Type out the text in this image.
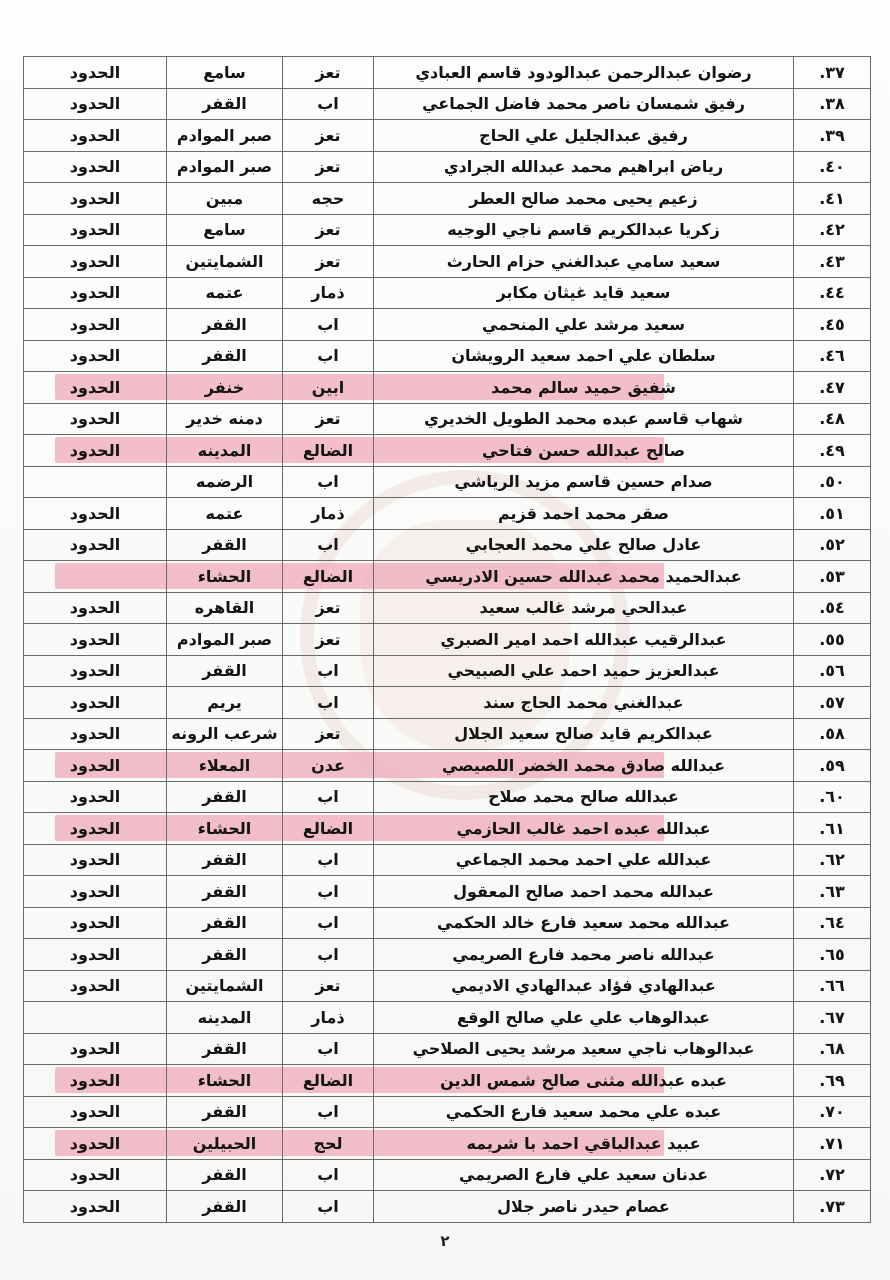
الحدود	سامع	تعز	رضوان عبدالرحمن عبدالودود قاسم العبادي	۳۷.
الحدود	القفر	اب	رفيق شمسان ناصر محمد فاضل الجماعي	۳۸.
الحدود	صبر الموادم	تعز	رفيق عبدالجليل علي الحاج	۳۹.
الحدود	صبر الموادم	تعز	رياض ابراهيم محمد عبدالله الجرادي	٤٠.
الحدود	مبين	حجه	زعيم يحيى محمد صالح العطر	٤١.
الحدود	سامع	تعز	زكريا عبدالكريم قاسم ناجي الوجيه	٤٢.
الحدود	الشمايتين	تعز	سعيد سامي عبدالغني حزام الحارث	٤٣.
الحدود	عتمه	ذمار	سعيد قايد غيثان مكابر	٤٤.
الحدود	القفر	اب	سعيد مرشد علي المنحمي	٤٥.
الحدود	القفر	اب	سلطان علي احمد سعيد الرويشان	٤٦.
الحدود	خنفر	ابين	شفيق حميد سالم محمد	٤٧.
الحدود	دمنه خدير	تعز	شهاب قاسم عبده محمد الطويل الخديري	٤٨.
الحدود	المدينه	الضالع	صالح عبدالله حسن فتاحي	٤٩.
	الرضمه	اب	صدام حسين قاسم مزيد الرياشي	٥٠.
الحدود	عتمه	ذمار	صقر محمد احمد قزيم	٥١.
الحدود	القفر	اب	عادل صالح علي محمد العجابي	٥٢.
	الحشاء	الضالع	عبدالحميد محمد عبدالله حسين الادريسي	٥٣.
الحدود	القاهره	تعز	عبدالحي مرشد غالب سعيد	٥٤.
الحدود	صبر الموادم	تعز	عبدالرقيب عبدالله احمد امير الصبري	٥٥.
الحدود	القفر	اب	عبدالعزيز حميد احمد علي الصبيحي	٥٦.
الحدود	يريم	اب	عبدالغني محمد الحاج سند	٥٧.
الحدود	شرعب الرونه	تعز	عبدالكريم قايد صالح سعيد الجلال	٥٨.
الحدود	المعلاء	عدن	عبدالله صادق محمد الخضر اللصيصي	٥٩.
الحدود	القفر	اب	عبدالله صالح محمد صلاح	٦٠.
الحدود	الحشاء	الضالع	عبدالله عبده احمد غالب الحازمي	٦١.
الحدود	القفر	اب	عبدالله علي احمد محمد الجماعي	٦٢.
الحدود	القفر	اب	عبدالله محمد احمد صالح المعقول	٦٣.
الحدود	القفر	اب	عبدالله محمد سعيد فارع خالد الحكمي	٦٤.
الحدود	القفر	اب	عبدالله ناصر محمد فارع الصريمي	٦٥.
الحدود	الشمايتين	تعز	عبدالهادي فؤاد عبدالهادي الاديمي	٦٦.
	المدينه	ذمار	عبدالوهاب علي علي صالح الوقع	٦٧.
الحدود	القفر	اب	عبدالوهاب ناجي سعيد مرشد يحيى الصلاحي	٦٨.
الحدود	الحشاء	الضالع	عبده عبدالله مثنى صالح شمس الدين	٦٩.
الحدود	القفر	اب	عبده علي محمد سعيد فارع الحكمي	٧٠.
الحدود	الحبيلين	لحج	عبيد عبدالباقي احمد با شريمه	٧١.
الحدود	القفر	اب	عدنان سعيد علي فارع الصريمي	٧٢.
الحدود	القفر	اب	عصام حيدر ناصر جلال	٧٣.
٢
